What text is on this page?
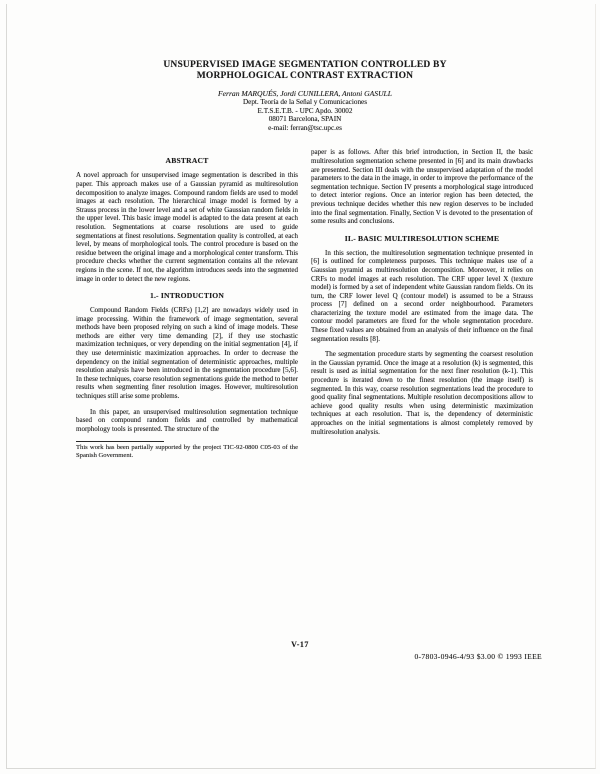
UNSUPERVISED IMAGE SEGMENTATION CONTROLLED BY
MORPHOLOGICAL CONTRAST EXTRACTION
Ferran MARQUÉS, Jordi CUNILLERA, Antoni GASULL
Dept. Teoría de la Señal y Comunicaciones
E.T.S.E.T.B. - UPC Apdo. 30002
08071 Barcelona, SPAIN
e-mail: ferran@tsc.upc.es
ABSTRACT

A novel approach for unsupervised image segmentation is described in this paper. This approach makes use of a Gaussian pyramid as multiresolution decomposition to analyze images. Compound random fields are used to model images at each resolution. The hierarchical image model is formed by a Strauss process in the lower level and a set of white Gaussian random fields in the upper level. This basic image model is adapted to the data present at each resolution. Segmentations at coarse resolutions are used to guide segmentations at finest resolutions. Segmentation quality is controlled, at each level, by means of morphological tools. The control procedure is based on the residue between the original image and a morphological center transform. This procedure checks whether the current segmentation contains all the relevant regions in the scene. If not, the algorithm introduces seeds into the segmented image in order to detect the new regions.

1.- INTRODUCTION

Compound Random Fields (CRFs) [1,2] are nowadays widely used in image processing. Within the framework of image segmentation, several methods have been proposed relying on such a kind of image models. These methods are either very time demanding [2], if they use stochastic maximization techniques, or very depending on the initial segmentation [4], if they use deterministic maximization approaches. In order to decrease the dependency on the initial segmentation of deterministic approaches, multiple resolution analysis have been introduced in the segmentation procedure [5,6]. In these techniques, coarse resolution segmentations guide the method to better results when segmenting finer resolution images. However, multiresolution techniques still arise some problems.

In this paper, an unsupervised multiresolution segmentation technique based on compound random fields and controlled by mathematical morphology tools is presented. The structure of the

This work has been partially supported by the project TIC-92-0800 C05-03 of the Spanish Government.

paper is as follows. After this brief introduction, in Section II, the basic multiresolution segmentation scheme presented in [6] and its main drawbacks are presented. Section III deals with the unsupervised adaptation of the model parameters to the data in the image, in order to improve the performance of the segmentation technique. Section IV presents a morphological stage introduced to detect interior regions. Once an interior region has been detected, the previous technique decides whether this new region deserves to be included into the final segmentation. Finally, Section V is devoted to the presentation of some results and conclusions.

II.- BASIC MULTIRESOLUTION SCHEME

In this section, the multiresolution segmentation technique presented in [6] is outlined for completeness purposes. This technique makes use of a Gaussian pyramid as multiresolution decomposition. Moreover, it relies on CRFs to model images at each resolution. The CRF upper level X (texture model) is formed by a set of independent white Gaussian random fields. On its turn, the CRF lower level Q (contour model) is assumed to be a Strauss process [7] defined on a second order neighbourhood. Parameters characterizing the texture model are estimated from the image data. The contour model parameters are fixed for the whole segmentation procedure. These fixed values are obtained from an analysis of their influence on the final segmentation results [8].

The segmentation procedure starts by segmenting the coarsest resolution in the Gaussian pyramid. Once the image at a resolution (k) is segmented, this result is used as initial segmentation for the next finer resolution (k-1). This procedure is iterated down to the finest resolution (the image itself) is segmented. In this way, coarse resolution segmentations lead the procedure to good quality final segmentations. Multiple resolution decompositions allow to achieve good quality results when using deterministic maximization techniques at each resolution. That is, the dependency of deterministic approaches on the initial segmentations is almost completely removed by multiresolution analysis.

V-17
0-7803-0946-4/93 $3.00 © 1993 IEEE
